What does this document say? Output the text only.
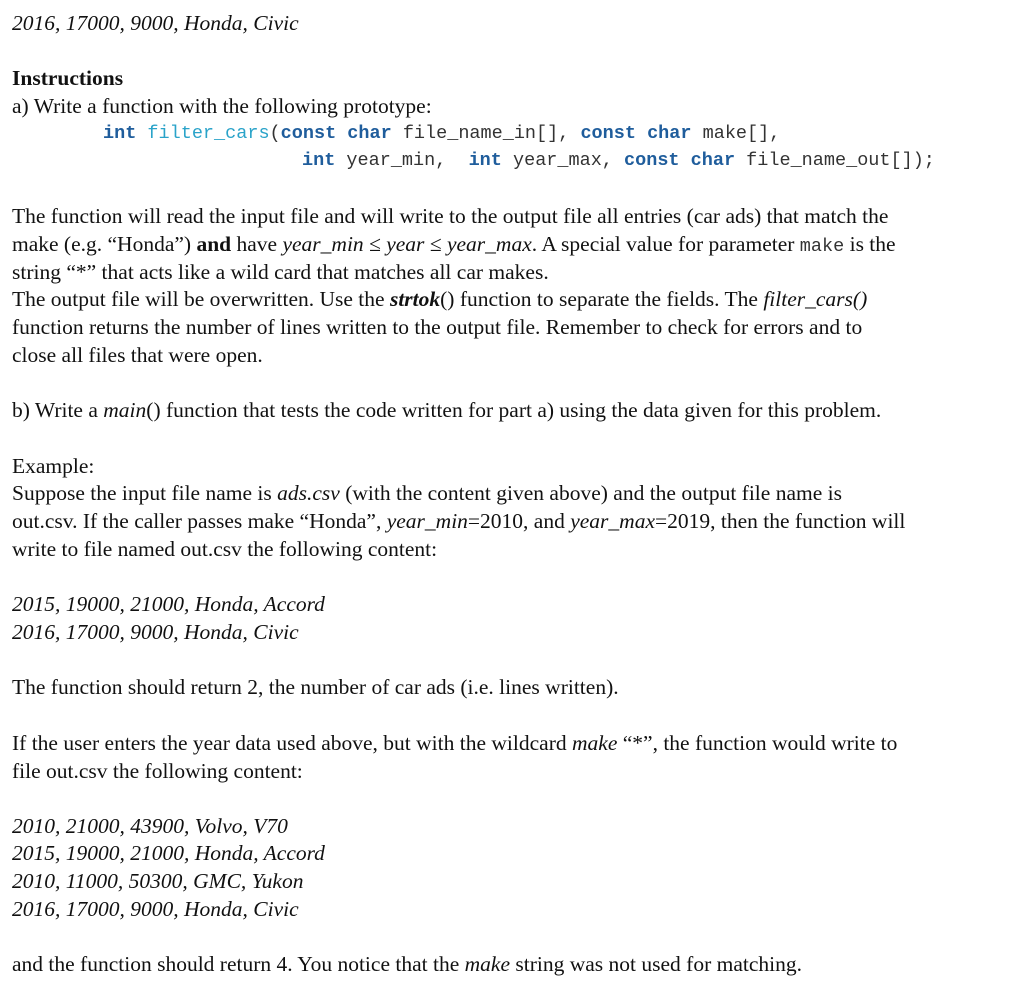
2016, 17000, 9000, Honda, Civic
Instructions
a) Write a function with the following prototype:
int filter_cars(const char file_name_in[], const char make[],
int year_min, int year_max, const char file_name_out[]);
The function will read the input file and will write to the output file all entries (car ads) that match the
make (e.g. “Honda”) and have year_min ≤ year ≤ year_max. A special value for parameter make is the
string “*” that acts like a wild card that matches all car makes.
The output file will be overwritten. Use the strtok() function to separate the fields. The filter_cars()
function returns the number of lines written to the output file. Remember to check for errors and to
close all files that were open.
b) Write a main() function that tests the code written for part a) using the data given for this problem.
Example:
Suppose the input file name is ads.csv (with the content given above) and the output file name is
out.csv. If the caller passes make “Honda”, year_min=2010, and year_max=2019, then the function will
write to file named out.csv the following content:
2015, 19000, 21000, Honda, Accord
2016, 17000, 9000, Honda, Civic
The function should return 2, the number of car ads (i.e. lines written).
If the user enters the year data used above, but with the wildcard make “*”, the function would write to
file out.csv the following content:
2010, 21000, 43900, Volvo, V70
2015, 19000, 21000, Honda, Accord
2010, 11000, 50300, GMC, Yukon
2016, 17000, 9000, Honda, Civic
and the function should return 4. You notice that the make string was not used for matching.
